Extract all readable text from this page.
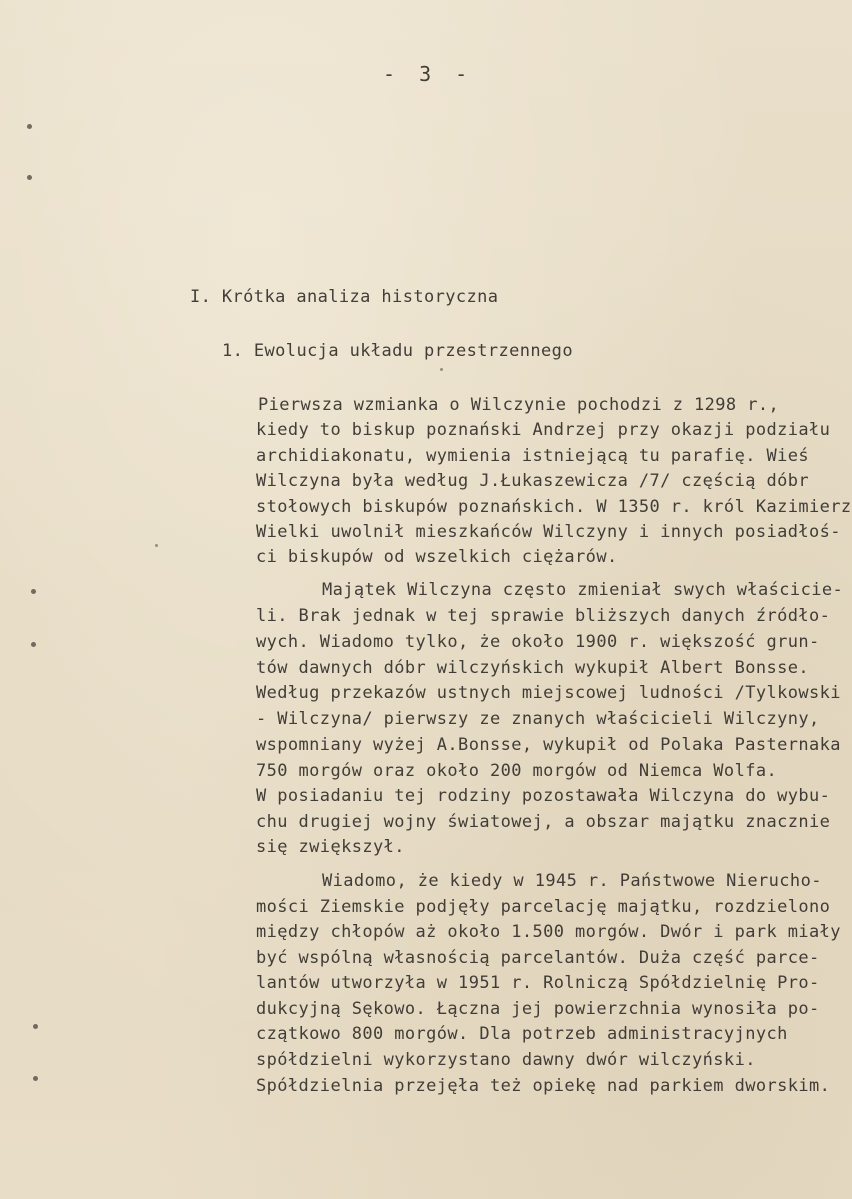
- 3 -
I. Krótka analiza historyczna
1. Ewolucja układu przestrzennego
Pierwsza wzmianka o Wilczynie pochodzi z 1298 r.,
kiedy to biskup poznański Andrzej przy okazji podziału
archidiakonatu, wymienia istniejącą tu parafię. Wieś
Wilczyna była według J.Łukaszewicza /7/ częścią dóbr
stołowych biskupów poznańskich. W 1350 r. król Kazimierz
Wielki uwolnił mieszkańców Wilczyny i innych posiadłoś-
ci biskupów od wszelkich ciężarów.
Majątek Wilczyna często zmieniał swych właściciе-
li. Brak jednak w tej sprawie bliższych danych źródło-
wych. Wiadomo tylko, że około 1900 r. większość grun-
tów dawnych dóbr wilczyńskich wykupił Albert Bonsse.
Według przekazów ustnych miejscowej ludności /Tylkowski
- Wilczyna/ pierwszy ze znanych właścicieli Wilczyny,
wspomniany wyżej A.Bonsse, wykupił od Polaka Pasternaka
750 morgów oraz około 200 morgów od Niemca Wolfa.
W posiadaniu tej rodziny pozostawała Wilczyna do wybu-
chu drugiej wojny światowej, a obszar majątku znacznie
się zwiększył.
Wiadomo, że kiedy w 1945 r. Państwowe Nierucho-
mości Ziemskie podjęły parcelację majątku, rozdzielono
między chłopów aż około 1.500 morgów. Dwór i park miały
być wspólną własnością parcelantów. Duża część parce-
lantów utworzyła w 1951 r. Rolniczą Spółdzielnię Pro-
dukcyjną Sękowo. Łączna jej powierzchnia wynosiła po-
czątkowo 800 morgów. Dla potrzeb administracyjnych
spółdzielni wykorzystano dawny dwór wilczyński.
Spółdzielnia przejęła też opiekę nad parkiem dworskim.
